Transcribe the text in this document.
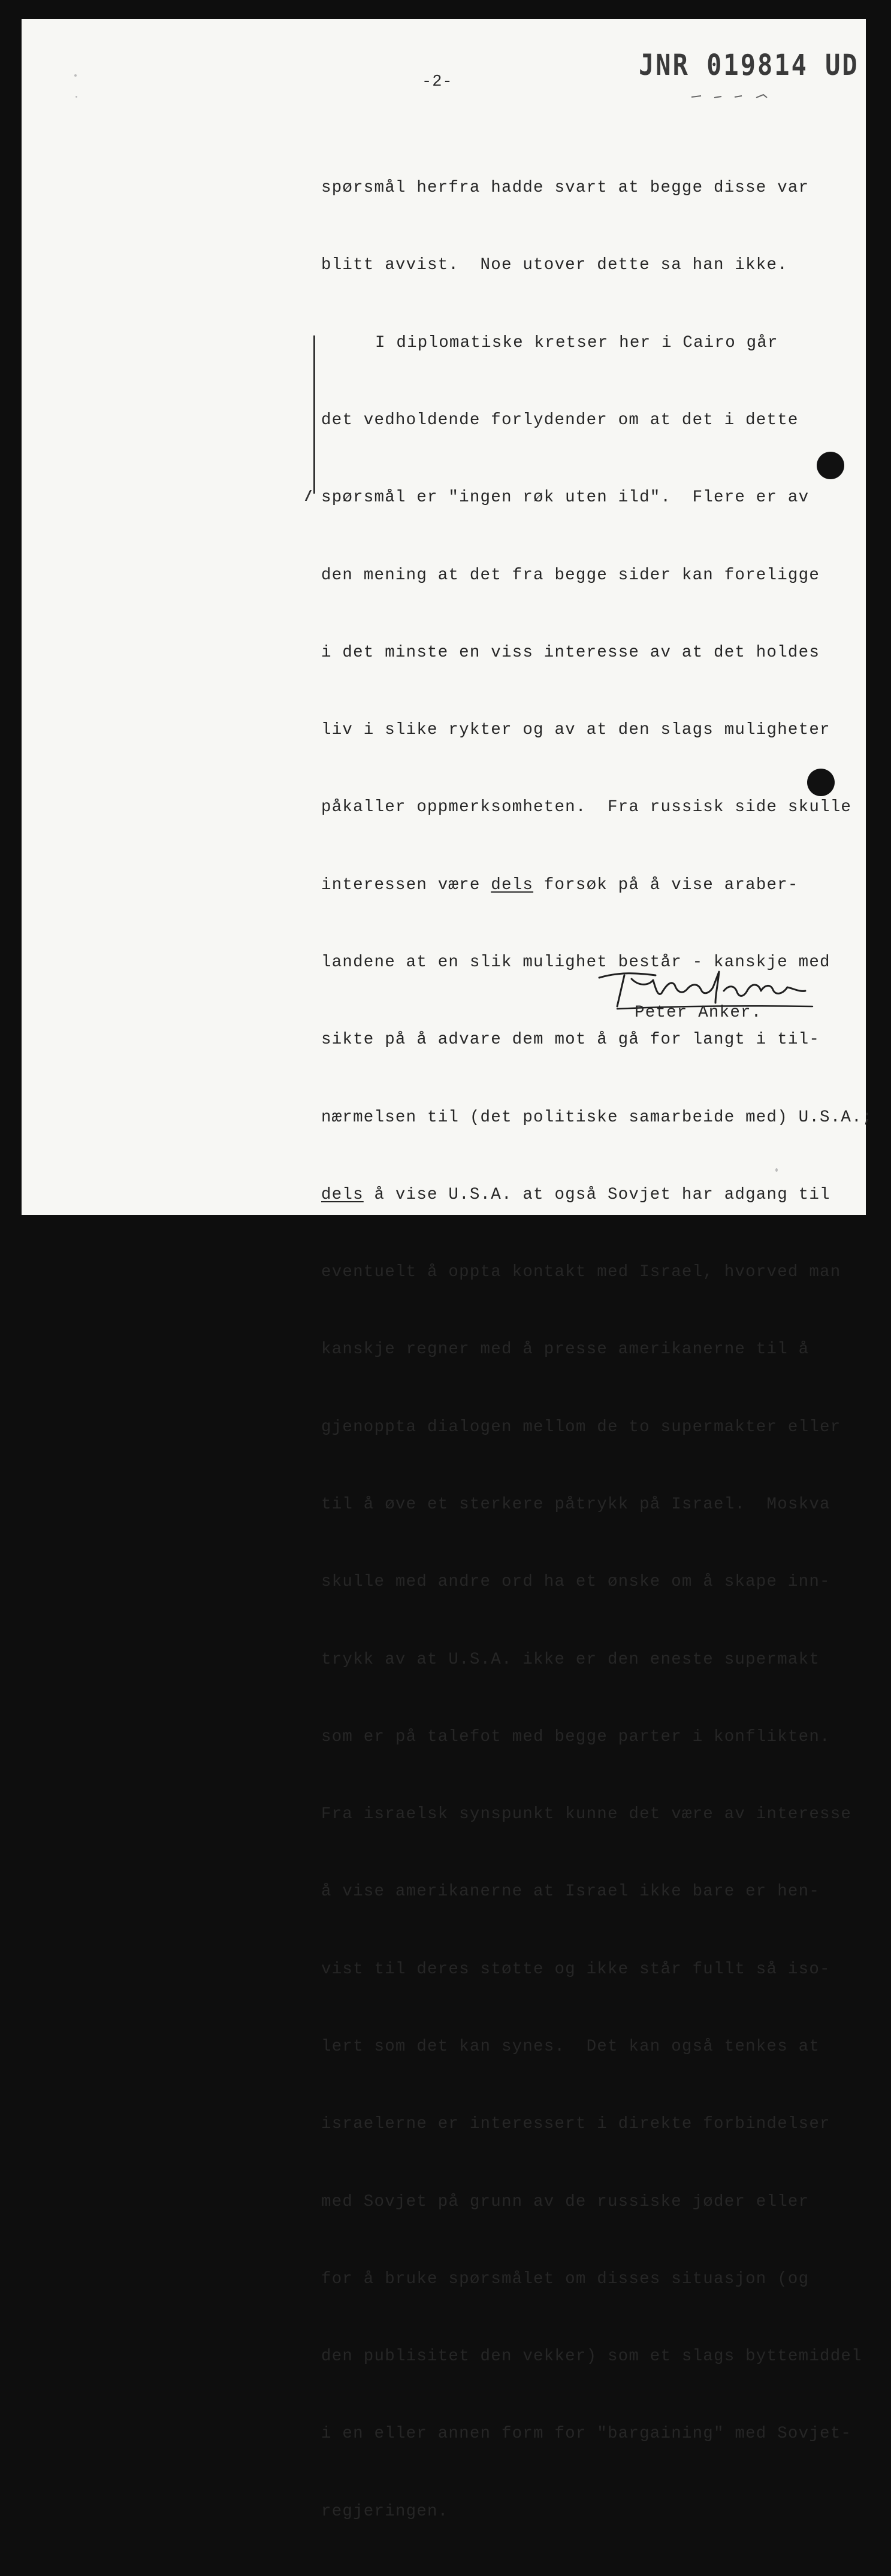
JNR 019814 UD
-2-

spørsmål herfra hadde svart at begge disse var

blitt avvist.  Noe utover dette sa han ikke.

I diplomatiske kretser her i Cairo går

det vedholdende forlydender om at det i dette

spørsmål er "ingen røk uten ild".  Flere er av

den mening at det fra begge sider kan foreligge

i det minste en viss interesse av at det holdes

liv i slike rykter og av at den slags muligheter

påkaller oppmerksomheten.  Fra russisk side skulle

interessen være dels forsøk på å vise araber-

landene at en slik mulighet består - kanskje med

sikte på å advare dem mot å gå for langt i til-

nærmelsen til (det politiske samarbeide med) U.S.A.;

dels å vise U.S.A. at også Sovjet har adgang til

eventuelt å oppta kontakt med Israel, hvorved man

kanskje regner med å presse amerikanerne til å

gjenoppta dialogen mellom de to supermakter eller

til å øve et sterkere påtrykk på Israel.  Moskva

skulle med andre ord ha et ønske om å skape inn-

trykk av at U.S.A. ikke er den eneste supermakt

som er på talefot med begge parter i konflikten.

Fra israelsk synspunkt kunne det være av interesse

å vise amerikanerne at Israel ikke bare er hen-

vist til deres støtte og ikke står fullt så iso-

lert som det kan synes.  Det kan også tenkes at

israelerne er interessert i direkte forbindelser

med Sovjet på grunn av de russiske jøder eller

for å bruke spørsmålet om disses situasjon (og

den publisitet den vekker) som et slags byttemiddel

i en eller annen form for "bargaining" med Sovjet-

regjeringen.

Peter Anker.
